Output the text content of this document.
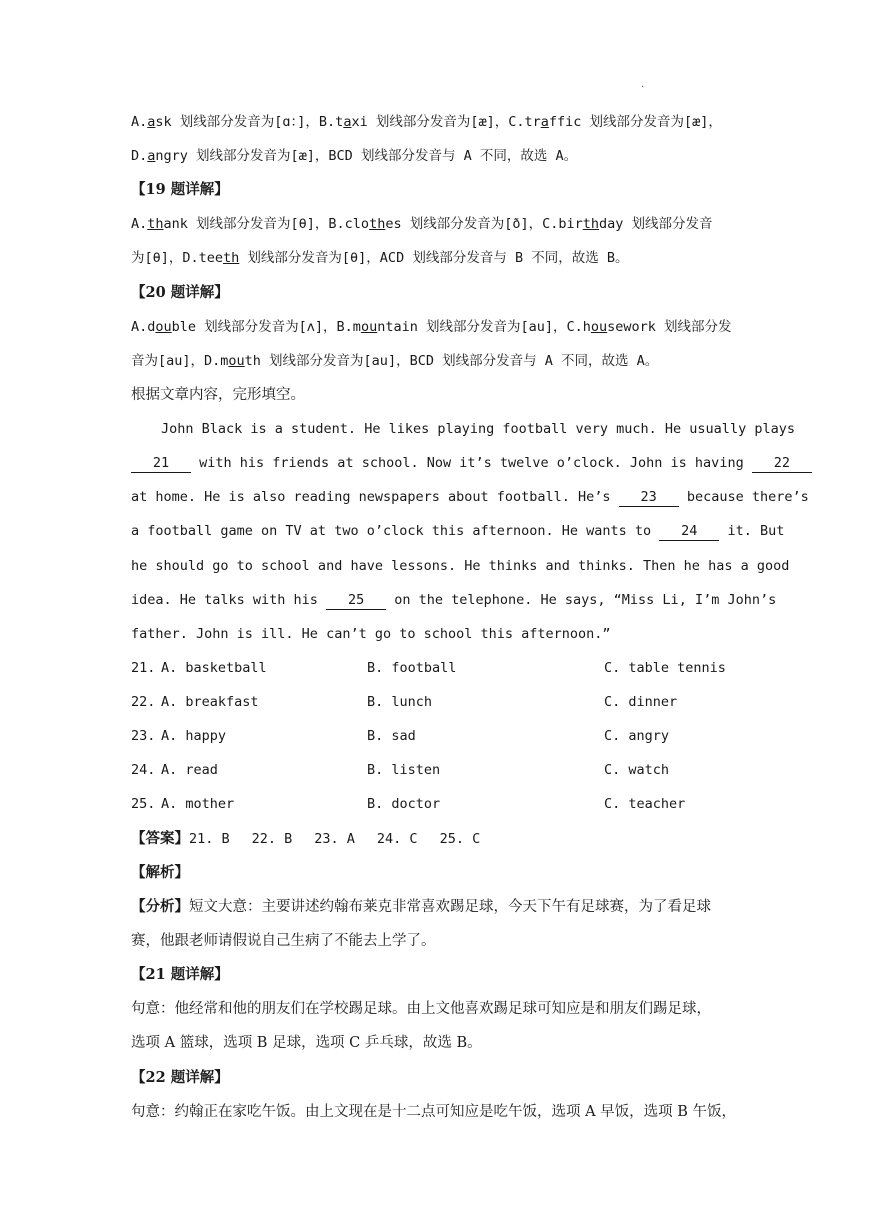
·
A.ask 划线部分发音为[ɑ：]，B.taxi 划线部分发音为[æ]，C.traffic 划线部分发音为[æ]，
D.angry 划线部分发音为[æ]，BCD 划线部分发音与 A 不同，故选 A。
【19 题详解】
A.thank 划线部分发音为[θ]，B.clothes 划线部分发音为[ð]，C.birthday 划线部分发音
为[θ]，D.teeth 划线部分发音为[θ]，ACD 划线部分发音与 B 不同，故选 B。
【20 题详解】
A.double 划线部分发音为[ʌ]，B.mountain 划线部分发音为[au]，C.housework 划线部分发
音为[au]，D.mouth 划线部分发音为[au]，BCD 划线部分发音与 A 不同，故选 A。
根据文章内容，完形填空。
John Black is a student. He likes playing football very much. He usually plays
21 with his friends at school. Now it’s twelve o’clock. John is having 22
at home. He is also reading newspapers about football. He’s 23 because there’s
a football game on TV at two o’clock this afternoon. He wants to 24 it. But
he should go to school and have lessons. He thinks and thinks. Then he has a good
idea. He talks with his 25 on the telephone. He says, “Miss Li, I’m John’s
father. John is ill. He can’t go to school this afternoon.”
21. A. basketball	B. football	C. table tennis
22. A. breakfast	B. lunch	C. dinner
23. A. happy	B. sad	C. angry
24. A. read	B. listen	C. watch
25. A. mother	B. doctor	C. teacher
【答案】21. B 22. B 23. A 24. C 25. C
【解析】
【分析】短文大意：主要讲述约翰布莱克非常喜欢踢足球，今天下午有足球赛，为了看足球
赛，他跟老师请假说自己生病了不能去上学了。
【21 题详解】
句意：他经常和他的朋友们在学校踢足球。由上文他喜欢踢足球可知应是和朋友们踢足球，
选项 A 篮球，选项 B 足球，选项 C 乒乓球，故选 B。
【22 题详解】
句意：约翰正在家吃午饭。由上文现在是十二点可知应是吃午饭，选项 A 早饭，选项 B 午饭，
